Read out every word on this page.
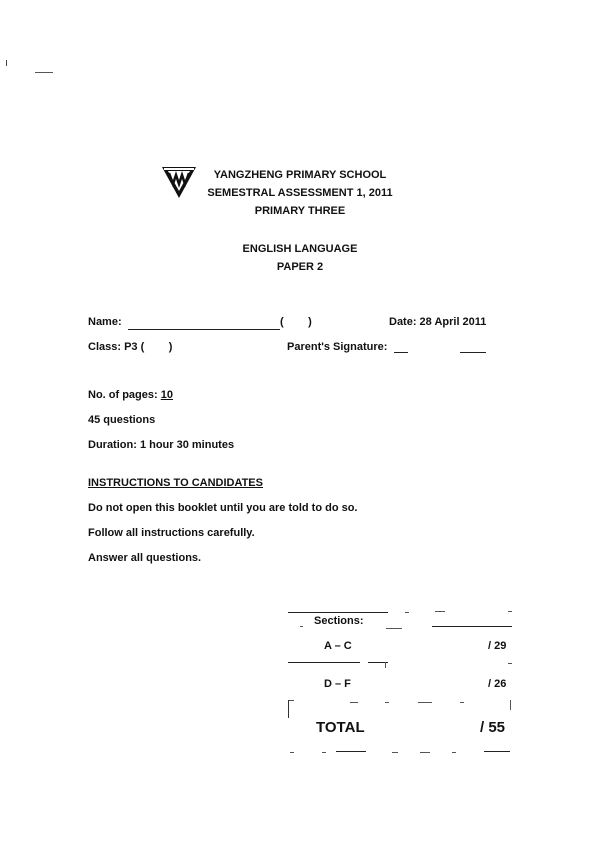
YANGZHENG PRIMARY SCHOOL
SEMESTRAL ASSESSMENT 1, 2011
PRIMARY THREE
ENGLISH LANGUAGE
PAPER 2
Name:	(        )	Date: 28 April 2011
Class: P3 (        )	Parent's Signature:
No. of pages: 10
45 questions
Duration: 1 hour 30 minutes
INSTRUCTIONS TO CANDIDATES
Do not open this booklet until you are told to do so.
Follow all instructions carefully.
Answer all questions.
Sections:
A – C	/ 29
D – F	/ 26
TOTAL	/ 55
